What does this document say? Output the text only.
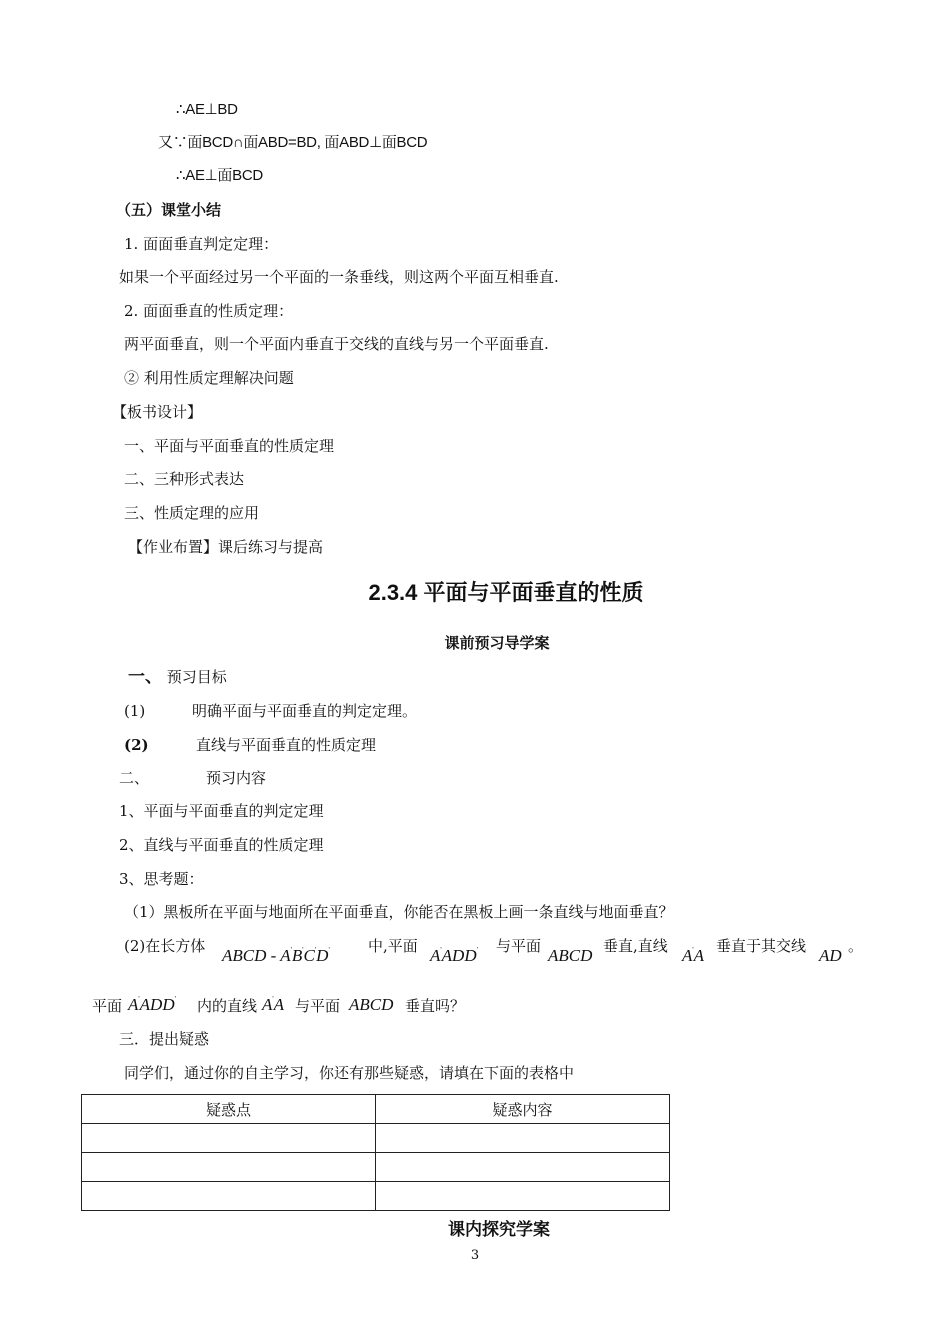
∴AE⊥BD
又∵面BCD∩面ABD=BD, 面ABD⊥面BCD
∴AE⊥面BCD
（五）课堂小结
1. 面面垂直判定定理：
如果一个平面经过另一个平面的一条垂线，则这两个平面互相垂直.
2. 面面垂直的性质定理：
两平面垂直，则一个平面内垂直于交线的直线与另一个平面垂直.
② 利用性质定理解决问题
【板书设计】
一、平面与平面垂直的性质定理
二、三种形式表达
三、性质定理的应用
【作业布置】课后练习与提高
2.3.4 平面与平面垂直的性质
课前预习导学案
一、 预习目标
(1)	明确平面与平面垂直的判定定理。
(2)	直线与平面垂直的性质定理
二、	预习内容
1、平面与平面垂直的判定定理
2、直线与平面垂直的性质定理
3、思考题：
（1）黑板所在平面与地面所在平面垂直，你能否在黑板上画一条直线与地面垂直？
(2)在长方体 ABCD - A'B'C'D'	中,平面 A'ADD' 与平面 ABCD 垂直,直线 A'A 垂直于其交线 AD 。
平面 A'ADD' 内的直线 A'A 与平面 ABCD 垂直吗？
三．提出疑惑
同学们，通过你的自主学习，你还有那些疑惑，请填在下面的表格中
疑惑点	疑惑内容

课内探究学案
3
